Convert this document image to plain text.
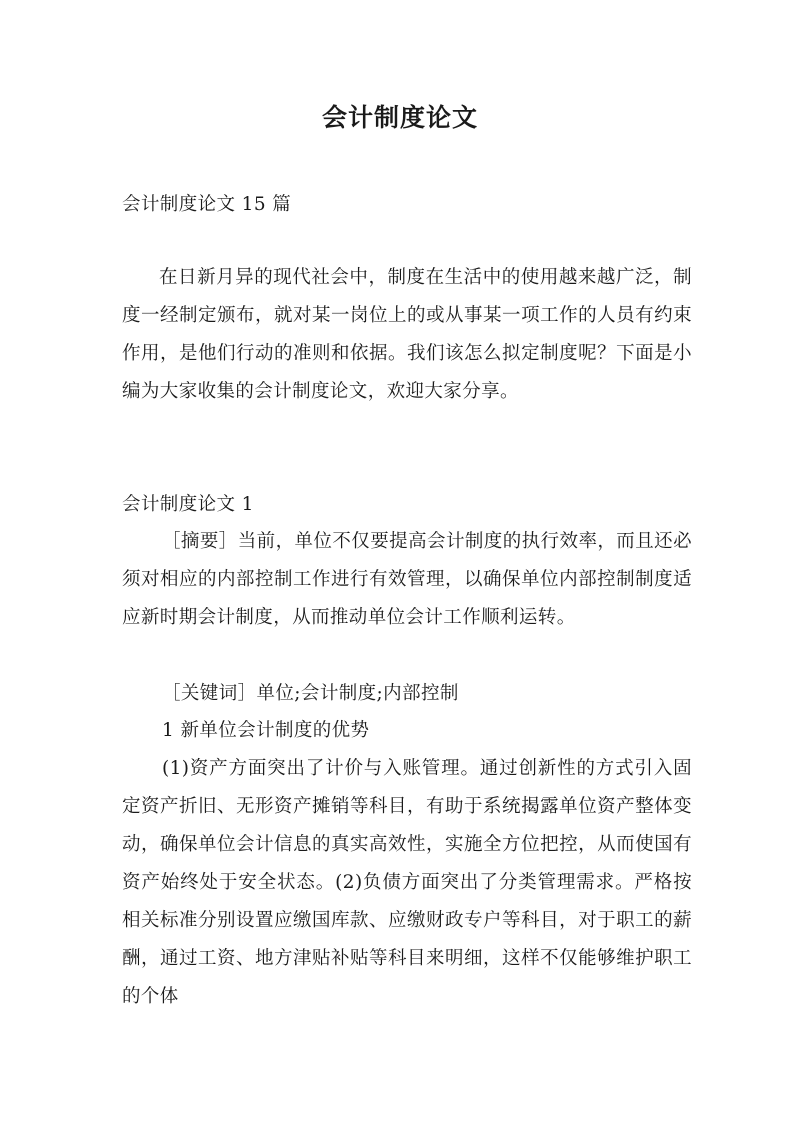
会计制度论文
会计制度论文 15 篇
在日新月异的现代社会中，制度在生活中的使用越来越广泛，制度一经制定颁布，就对某一岗位上的或从事某一项工作的人员有约束作用，是他们行动的准则和依据。我们该怎么拟定制度呢？下面是小编为大家收集的会计制度论文，欢迎大家分享。
会计制度论文 1
［摘要］当前，单位不仅要提高会计制度的执行效率，而且还必须对相应的内部控制工作进行有效管理，以确保单位内部控制制度适应新时期会计制度，从而推动单位会计工作顺利运转。
［关键词］单位;会计制度;内部控制
1 新单位会计制度的优势
(1)资产方面突出了计价与入账管理。通过创新性的方式引入固定资产折旧、无形资产摊销等科目，有助于系统揭露单位资产整体变动，确保单位会计信息的真实高效性，实施全方位把控，从而使国有资产始终处于安全状态。(2)负债方面突出了分类管理需求。严格按相关标准分别设置应缴国库款、应缴财政专户等科目，对于职工的薪酬，通过工资、地方津贴补贴等科目来明细，这样不仅能够维护职工的个体
